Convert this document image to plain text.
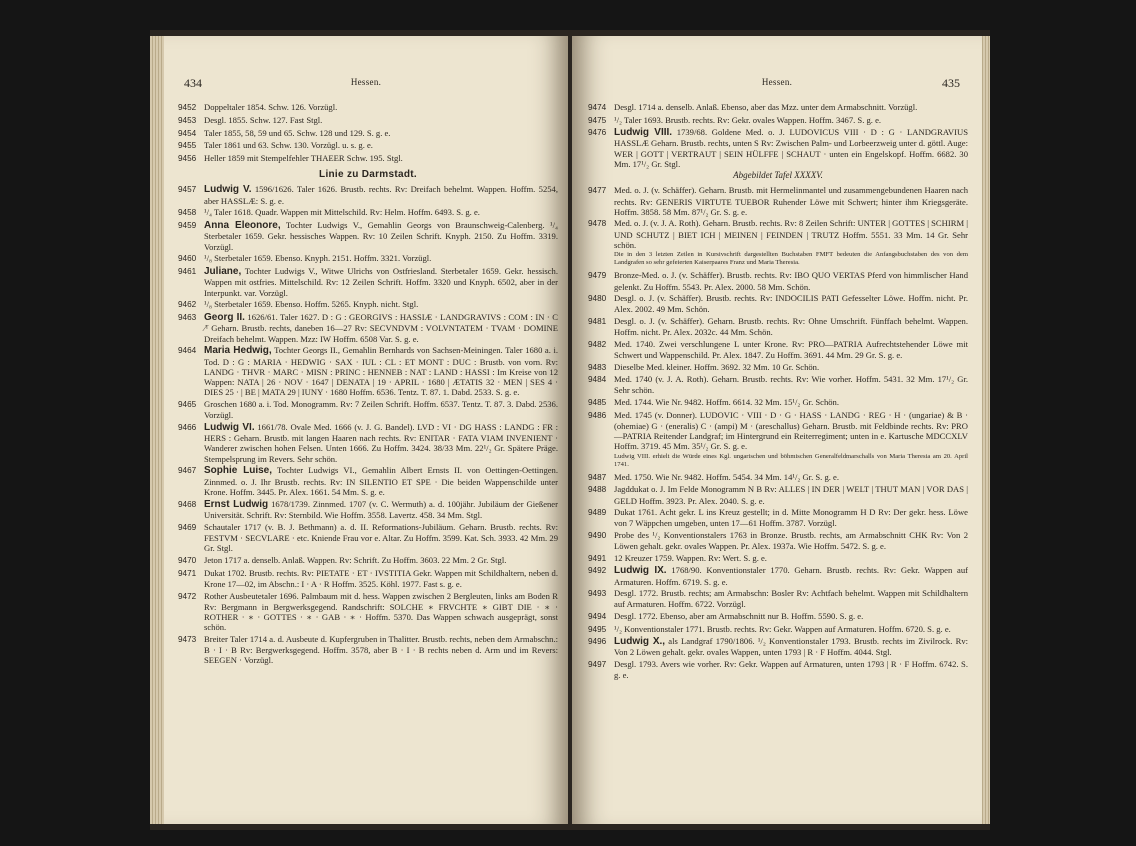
434	Hessen.

9452 Doppeltaler 1854. Schw. 126. Vorzügl.

9453 Desgl. 1855. Schw. 127. Fast Stgl.

9454 Taler 1855, 58, 59 und 65. Schw. 128 und 129. S. g. e.

9455 Taler 1861 und 63. Schw. 130. Vorzügl. u. s. g. e.

9456 Heller 1859 mit Stempelfehler THAEER Schw. 195. Stgl.

Linie zu Darmstadt.

9457 Ludwig V. 1596/1626. Taler 1626. Brustb. rechts. Rv: Dreifach behelmt. Wappen. Hoffm. 5254, aber HASSLÆ: S. g. e.

9458 ¹/₄ Taler 1618. Quadr. Wappen mit Mittelschild. Rv: Helm. Hoffm. 6493. S. g. e.

9459 Anna Eleonore, Tochter Ludwigs V., Gemahlin Georgs von Braunschweig-Calenberg. ¹/₄ Sterbetaler 1659. Gekr. hessisches Wappen. Rv: 10 Zeilen Schrift. Knyph. 2150. Zu Hoffm. 3319. Vorzügl.

9460 ¹/₈ Sterbetaler 1659. Ebenso. Knyph. 2151. Hoffm. 3321. Vorzügl.

9461 Juliane, Tochter Ludwigs V., Witwe Ulrichs von Ostfriesland. Sterbetaler 1659. Gekr. hessisch. Wappen mit ostfries. Mittelschild. Rv: 12 Zeilen Schrift. Hoffm. 3320 und Knyph. 6502, aber in der Interpunkt. var. Vorzügl.

9462 ¹/₈ Sterbetaler 1659. Ebenso. Hoffm. 5265. Knyph. nicht. Stgl.

9463 Georg II. 1626/61. Taler 1627. D : G : GEORGIVS : HASSIÆ · LANDGRAVIVS : COM : IN · C ⁄ᵀ Geharn. Brustb. rechts, daneben 16—27 Rv: SECVNDVM : VOLVNTATEM · TVAM · DOMINE Dreifach behelmt. Wappen. Mzz: IW Hoffm. 6508 Var. S. g. e.

9464 Maria Hedwig, Tochter Georgs II., Gemahlin Bernhards von Sachsen-Meiningen. Taler 1680 a. i. Tod. D : G : MARIA · HEDWIG · SAX · IUL : CL : ET MONT : DUC : Brustb. von vorn. Rv: LANDG · THVR · MARC · MISN : PRINC : HENNEB : NAT : LAND : HASSI : Im Kreise von 12 Wappen: NATA | 26 · NOV · 1647 | DENATA | 19 · APRIL · 1680 | ÆTATIS 32 · MEN | SES 4 · DIES 25 · | BE | MATA 29 | IUNY · 1680 Hoffm. 6536. Tentz. T. 87. 1. Dabd. 2533. S. g. e.

9465 Groschen 1680 a. i. Tod. Monogramm. Rv: 7 Zeilen Schrift. Hoffm. 6537. Tentz. T. 87. 3. Dabd. 2536. Vorzügl.

9466 Ludwig VI. 1661/78. Ovale Med. 1666 (v. J. G. Bandel). LVD : VI · DG HASS : LANDG : FR : HERS : Geharn. Brustb. mit langen Haaren nach rechts. Rv: ENITAR · FATA VIAM INVENIENT · Wanderer zwischen hohen Felsen. Unten 1666. Zu Hoffm. 3424. 38/33 Mm. 22¹/₂ Gr. Spätere Präge. Stempelsprung im Revers. Sehr schön.

9467 Sophie Luise, Tochter Ludwigs VI., Gemahlin Albert Ernsts II. von Oettingen-Oettingen. Zinnmed. o. J. Ihr Brustb. rechts. Rv: IN SILENTIO ET SPE · Die beiden Wappenschilde unter Krone. Hoffm. 3445. Pr. Alex. 1661. 54 Mm. S. g. e.

9468 Ernst Ludwig 1678/1739. Zinnmed. 1707 (v. C. Wermuth) a. d. 100jähr. Jubiläum der Gießener Universität. Schrift. Rv: Sternbild. Wie Hoffm. 3558. Lavertz. 458. 34 Mm. Stgl.

9469 Schautaler 1717 (v. B. J. Bethmann) a. d. II. Reformations-Jubiläum. Geharn. Brustb. rechts. Rv: FESTVM · SECVLARE · etc. Kniende Frau vor e. Altar. Zu Hoffm. 3599. Kat. Sch. 3933. 42 Mm. 29 Gr. Stgl.

9470 Jeton 1717 a. denselb. Anlaß. Wappen. Rv: Schrift. Zu Hoffm. 3603. 22 Mm. 2 Gr. Stgl.

9471 Dukat 1702. Brustb. rechts. Rv: PIETATE · ET · IVSTITIA Gekr. Wappen mit Schildhaltern, neben d. Krone 17—02, im Abschn.: I · A · R Hoffm. 3525. Köhl. 1977. Fast s. g. e.

9472 Rother Ausbeutetaler 1696. Palmbaum mit d. hess. Wappen zwischen 2 Bergleuten, links am Boden R Rv: Bergmann in Bergwerksgegend. Randschrift: SOLCHE ∗ FRVCHTE ∗ GIBT DIE · ∗ · ROTHER · ∗ · GOTTES · ∗ · GAB · ∗ · Hoffm. 5370. Das Wappen schwach ausgeprägt, sonst schön.

9473 Breiter Taler 1714 a. d. Ausbeute d. Kupfergruben in Thalitter. Brustb. rechts, neben dem Armabschn.: B · I · B Rv: Bergwerksgegend. Hoffm. 3578, aber B · I · B rechts neben d. Arm und im Revers: SEEGEN · Vorzügl.

Hessen.	435

9474 Desgl. 1714 a. denselb. Anlaß. Ebenso, aber das Mzz. unter dem Armabschnitt. Vorzügl.

9475 ¹/₂ Taler 1693. Brustb. rechts. Rv: Gekr. ovales Wappen. Hoffm. 3467. S. g. e.

9476 Ludwig VIII. 1739/68. Goldene Med. o. J. LUDOVICUS VIII · D : G · LANDGRAVIUS HASSLÆ Geharn. Brustb. rechts, unten S Rv: Zwischen Palm- und Lorbeerzweig unter d. göttl. Auge: WER | GOTT | VERTRAUT | SEIN HÜLFFE | SCHAUT · unten ein Engelskopf. Hoffm. 6682. 30 Mm. 17¹/₂ Gr. Stgl.

Abgebildet Tafel XXXXV.

9477 Med. o. J. (v. Schäffer). Geharn. Brustb. mit Hermelinmantel und zusammengebundenen Haaren nach rechts. Rv: GENERIS VIRTUTE TUEBOR Ruhender Löwe mit Schwert; hinter ihm Kriegsgeräte. Hoffm. 3858. 58 Mm. 87¹/₂ Gr. S. g. e.

9478 Med. o. J. (v. J. A. Roth). Geharn. Brustb. rechts. Rv: 8 Zeilen Schrift: UNTER | GOTTES | SCHIRM | UND SCHUTZ | BIET ICH | MEINEN | FEINDEN | TRUTZ Hoffm. 5551. 33 Mm. 14 Gr. Sehr schön.

Die in den 3 letzten Zeilen in Kursivschrift dargestellten Buchstaben FMFT bedeuten die Anfangsbuchstaben des von dem Landgrafen so sehr gefeierten Kaiserpaares Franz und Maria Theresia.

9479 Bronze-Med. o. J. (v. Schäffer). Brustb. rechts. Rv: IBO QUO VERTAS Pferd von himmlischer Hand gelenkt. Zu Hoffm. 5543. Pr. Alex. 2000. 58 Mm. Schön.

9480 Desgl. o. J. (v. Schäffer). Brustb. rechts. Rv: INDOCILIS PATI Gefesselter Löwe. Hoffm. nicht. Pr. Alex. 2002. 49 Mm. Schön.

9481 Desgl. o. J. (v. Schäffer). Geharn. Brustb. rechts. Rv: Ohne Umschrift. Fünffach behelmt. Wappen. Hoffm. nicht. Pr. Alex. 2032c. 44 Mm. Schön.

9482 Med. 1740. Zwei verschlungene L unter Krone. Rv: PRO—PATRIA Aufrechtstehender Löwe mit Schwert und Wappenschild. Pr. Alex. 1847. Zu Hoffm. 3691. 44 Mm. 29 Gr. S. g. e.

9483 Dieselbe Med. kleiner. Hoffm. 3692. 32 Mm. 10 Gr. Schön.

9484 Med. 1740 (v. J. A. Roth). Geharn. Brustb. rechts. Rv: Wie vorher. Hoffm. 5431. 32 Mm. 17¹/₂ Gr. Sehr schön.

9485 Med. 1744. Wie Nr. 9482. Hoffm. 6614. 32 Mm. 15¹/₂ Gr. Schön.

9486 Med. 1745 (v. Donner). LUDOVIC · VIII · D · G · HASS · LANDG · REG · H · (ungariae) & B · (ohemiae) G · (eneralis) C · (ampi) M · (areschallus) Geharn. Brustb. mit Feldbinde rechts. Rv: PRO—PATRIA Reitender Landgraf; im Hintergrund ein Reiterregiment; unten in e. Kartusche MDCCXLV Hoffm. 3719. 45 Mm. 35¹/₂ Gr. S. g. e.

Ludwig VIII. erhielt die Würde eines Kgl. ungarischen und böhmischen Generalfeldmarschalls von Maria Theresia am 20. April 1741.

9487 Med. 1750. Wie Nr. 9482. Hoffm. 5454. 34 Mm. 14¹/₂ Gr. S. g. e.

9488 Jagddukat o. J. Im Felde Monogramm N B Rv: ALLES | IN DER | WELT | THUT MAN | VOR DAS | GELD Hoffm. 3923. Pr. Alex. 2040. S. g. e.

9489 Dukat 1761. Acht gekr. L ins Kreuz gestellt; in d. Mitte Monogramm H D Rv: Der gekr. hess. Löwe von 7 Wäppchen umgeben, unten 17—61 Hoffm. 3787. Vorzügl.

9490 Probe des ¹/₂ Konventionstalers 1763 in Bronze. Brustb. rechts, am Armabschnitt CHK Rv: Von 2 Löwen gehalt. gekr. ovales Wappen. Pr. Alex. 1937a. Wie Hoffm. 5472. S. g. e.

9491 12 Kreuzer 1759. Wappen. Rv: Wert. S. g. e.

9492 Ludwig IX. 1768/90. Konventionstaler 1770. Geharn. Brustb. rechts. Rv: Gekr. Wappen auf Armaturen. Hoffm. 6719. S. g. e.

9493 Desgl. 1772. Brustb. rechts; am Armabschn: Bosler Rv: Achtfach behelmt. Wappen mit Schildhaltern auf Armaturen. Hoffm. 6722. Vorzügl.

9494 Desgl. 1772. Ebenso, aber am Armabschnitt nur B. Hoffm. 5590. S. g. e.

9495 ¹/₂ Konventionstaler 1771. Brustb. rechts. Rv: Gekr. Wappen auf Armaturen. Hoffm. 6720. S. g. e.

9496 Ludwig X., als Landgraf 1790/1806. ¹/₂ Konventionstaler 1793. Brustb. rechts im Zivilrock. Rv: Von 2 Löwen gehalt. gekr. ovales Wappen, unten 1793 | R · F Hoffm. 4044. Stgl.

9497 Desgl. 1793. Avers wie vorher. Rv: Gekr. Wappen auf Armaturen, unten 1793 | R · F Hoffm. 6742. S. g. e.
